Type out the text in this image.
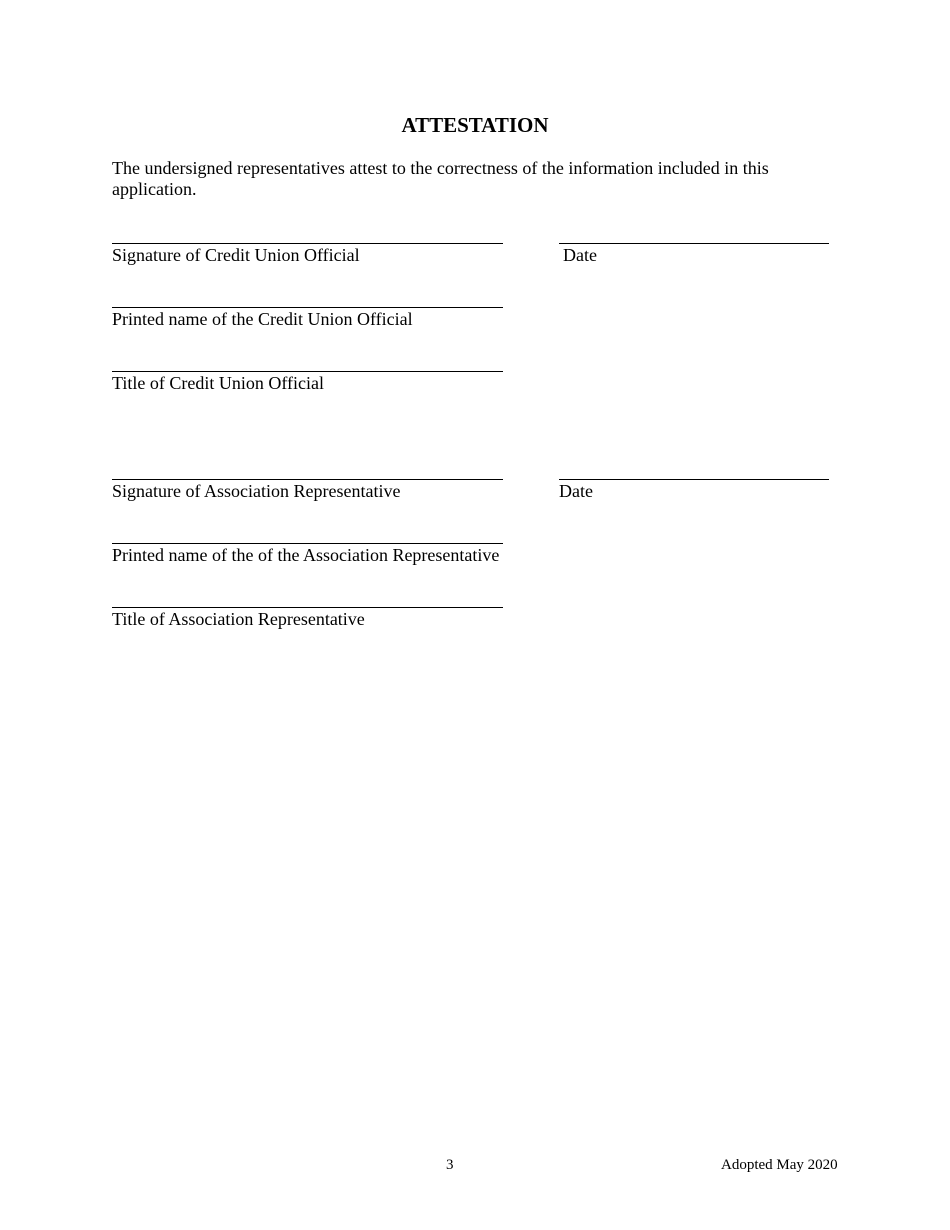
ATTESTATION
The undersigned representatives attest to the correctness of the information included in this application.
Signature of Credit Union Official	Date
Printed name of the Credit Union Official
Title of Credit Union Official
Signature of Association Representative	Date
Printed name of the of the Association Representative
Title of Association Representative
3	Adopted May 2020
